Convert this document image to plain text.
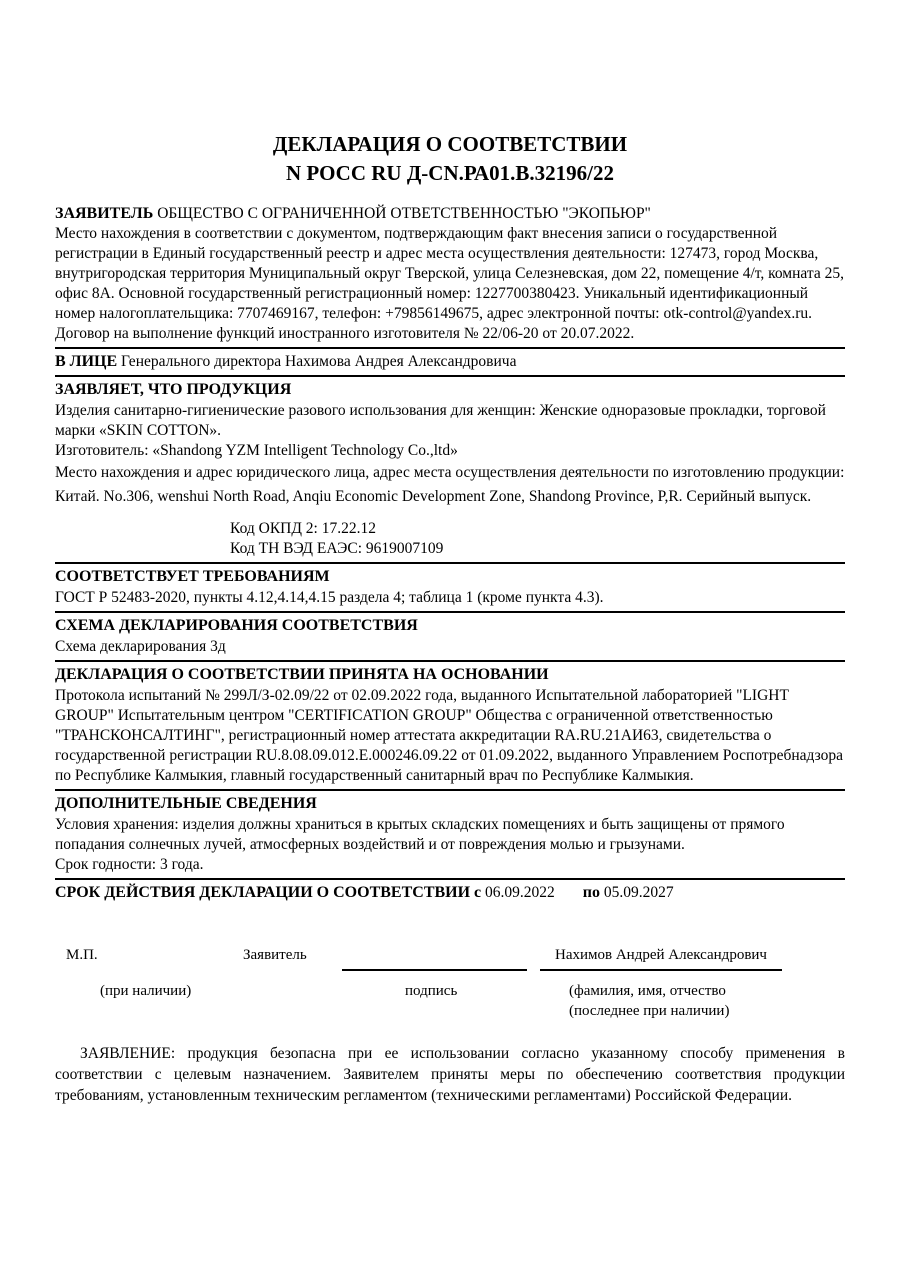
ДЕКЛАРАЦИЯ О СООТВЕТСТВИИ
N РОСС RU Д-CN.РА01.В.32196/22

ЗАЯВИТЕЛЬ ОБЩЕСТВО С ОГРАНИЧЕННОЙ ОТВЕТСТВЕННОСТЬЮ "ЭКОПЬЮР"

Место нахождения в соответствии с документом, подтверждающим факт внесения записи о государственной регистрации в Единый государственный реестр и адрес места осуществления деятельности: 127473, город Москва, внутригородская территория Муниципальный округ Тверской, улица Селезневская, дом 22, помещение 4/т, комната 25, офис 8А. Основной государственный регистрационный номер: 1227700380423. Уникальный идентификационный номер налогоплательщика: 7707469167, телефон: +79856149675, адрес электронной почты: otk-control@yandex.ru.

Договор на выполнение функций иностранного изготовителя № 22/06-20 от 20.07.2022.

В ЛИЦЕ Генерального директора Нахимова Андрея Александровича

ЗАЯВЛЯЕТ, ЧТО ПРОДУКЦИЯ

Изделия санитарно-гигиенические разового использования для женщин: Женские одноразовые прокладки, торговой марки «SKIN COTTON».

Изготовитель: «Shandong YZM Intelligent Technology Co.,ltd»

Место нахождения и адрес юридического лица, адрес места осуществления деятельности по изготовлению продукции: Китай. No.306, wenshui North Road, Anqiu Economic Development Zone, Shandong Province, P,R. Серийный выпуск.

Код ОКПД 2: 17.22.12

Код ТН ВЭД ЕАЭС: 9619007109

СООТВЕТСТВУЕТ ТРЕБОВАНИЯМ

ГОСТ Р 52483-2020, пункты 4.12,4.14,4.15 раздела 4; таблица 1 (кроме пункта 4.3).

СХЕМА ДЕКЛАРИРОВАНИЯ СООТВЕТСТВИЯ

Схема декларирования 3д

ДЕКЛАРАЦИЯ О СООТВЕТСТВИИ ПРИНЯТА НА ОСНОВАНИИ

Протокола испытаний № 299Л/З-02.09/22 от 02.09.2022 года, выданного Испытательной лабораторией "LIGHT GROUP" Испытательным центром "CERTIFICATION GROUP" Общества с ограниченной ответственностью "ТРАНСКОНСАЛТИНГ", регистрационный номер аттестата аккредитации RA.RU.21АИ63, свидетельства о государственной регистрации RU.8.08.09.012.Е.000246.09.22 от 01.09.2022, выданного Управлением Роспотребнадзора по Республике Калмыкия, главный государственный санитарный врач по Республике Калмыкия.

ДОПОЛНИТЕЛЬНЫЕ СВЕДЕНИЯ

Условия хранения: изделия должны храниться в крытых складских помещениях и быть защищены от прямого попадания солнечных лучей, атмосферных воздействий и от повреждения молью и грызунами.

Срок годности: 3 года.

СРОК ДЕЙСТВИЯ ДЕКЛАРАЦИИ О СООТВЕТСТВИИ с 06.09.2022 по 05.09.2027

М.П.	Заявитель	Нахимов Андрей Александрович
(при наличии)	подпись	(фамилия, имя, отчество
(последнее при наличии)

ЗАЯВЛЕНИЕ: продукция безопасна при ее использовании согласно указанному способу применения в соответствии с целевым назначением. Заявителем приняты меры по обеспечению соответствия продукции требованиям, установленным техническим регламентом (техническими регламентами) Российской Федерации.
